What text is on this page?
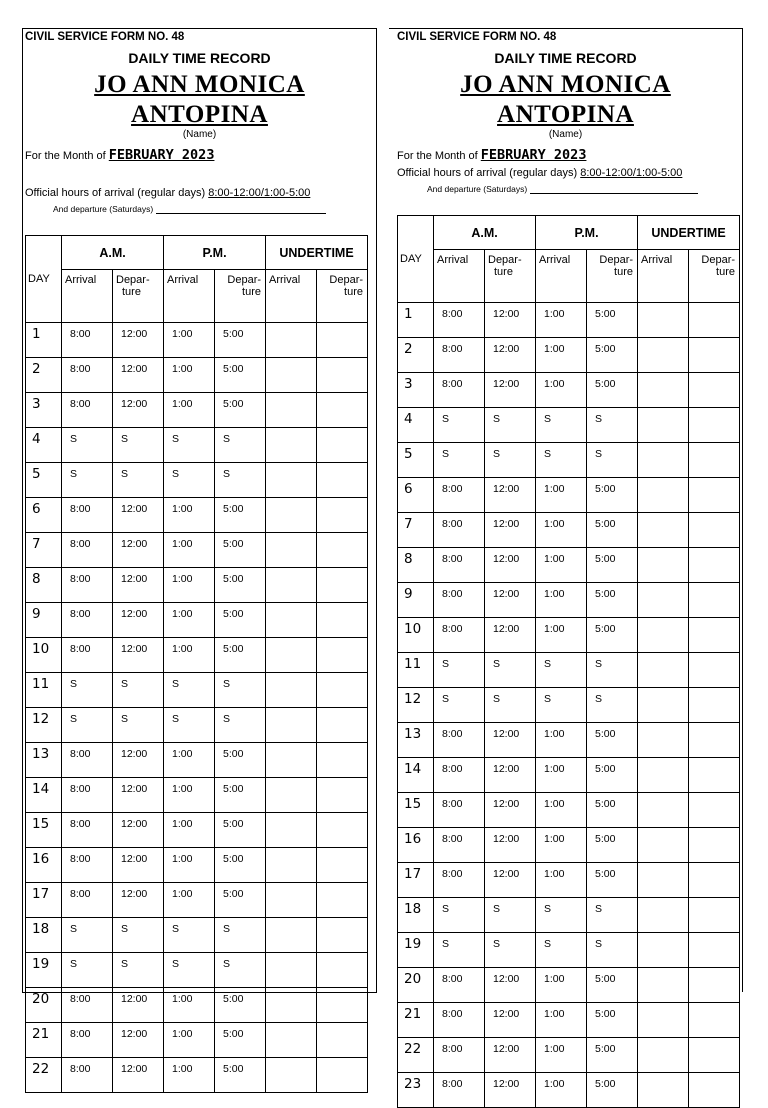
CIVIL SERVICE FORM NO. 48
DAILY TIME RECORD
JO ANN MONICA
ANTOPINA
(Name)
For the Month of FEBRUARY 2023
Official hours of arrival (regular days) 8:00-12:00/1:00-5:00
And departure (Saturdays)
DAY	A.M.		P.M.		UNDERTIME	
	Arrival	Depar-
ture	Arrival	Depar-
ture	Arrival	Depar-
ture
1	8:00	12:00	1:00	5:00		
2	8:00	12:00	1:00	5:00		
3	8:00	12:00	1:00	5:00		
4	S	S	S	S		
5	S	S	S	S		
6	8:00	12:00	1:00	5:00		
7	8:00	12:00	1:00	5:00		
8	8:00	12:00	1:00	5:00		
9	8:00	12:00	1:00	5:00		
10	8:00	12:00	1:00	5:00		
11	S	S	S	S		
12	S	S	S	S		
13	8:00	12:00	1:00	5:00		
14	8:00	12:00	1:00	5:00		
15	8:00	12:00	1:00	5:00		
16	8:00	12:00	1:00	5:00		
17	8:00	12:00	1:00	5:00		
18	S	S	S	S		
19	S	S	S	S		
20	8:00	12:00	1:00	5:00		
21	8:00	12:00	1:00	5:00		
22	8:00	12:00	1:00	5:00		
CIVIL SERVICE FORM NO. 48
DAILY TIME RECORD
JO ANN MONICA
ANTOPINA
(Name)
For the Month of FEBRUARY 2023
Official hours of arrival (regular days) 8:00-12:00/1:00-5:00
And departure (Saturdays)
DAY	A.M.		P.M.		UNDERTIME	
	Arrival	Depar-
ture	Arrival	Depar-
ture	Arrival	Depar-
ture
1	8:00	12:00	1:00	5:00		
2	8:00	12:00	1:00	5:00		
3	8:00	12:00	1:00	5:00		
4	S	S	S	S		
5	S	S	S	S		
6	8:00	12:00	1:00	5:00		
7	8:00	12:00	1:00	5:00		
8	8:00	12:00	1:00	5:00		
9	8:00	12:00	1:00	5:00		
10	8:00	12:00	1:00	5:00		
11	S	S	S	S		
12	S	S	S	S		
13	8:00	12:00	1:00	5:00		
14	8:00	12:00	1:00	5:00		
15	8:00	12:00	1:00	5:00		
16	8:00	12:00	1:00	5:00		
17	8:00	12:00	1:00	5:00		
18	S	S	S	S		
19	S	S	S	S		
20	8:00	12:00	1:00	5:00		
21	8:00	12:00	1:00	5:00		
22	8:00	12:00	1:00	5:00		
23	8:00	12:00	1:00	5:00		
